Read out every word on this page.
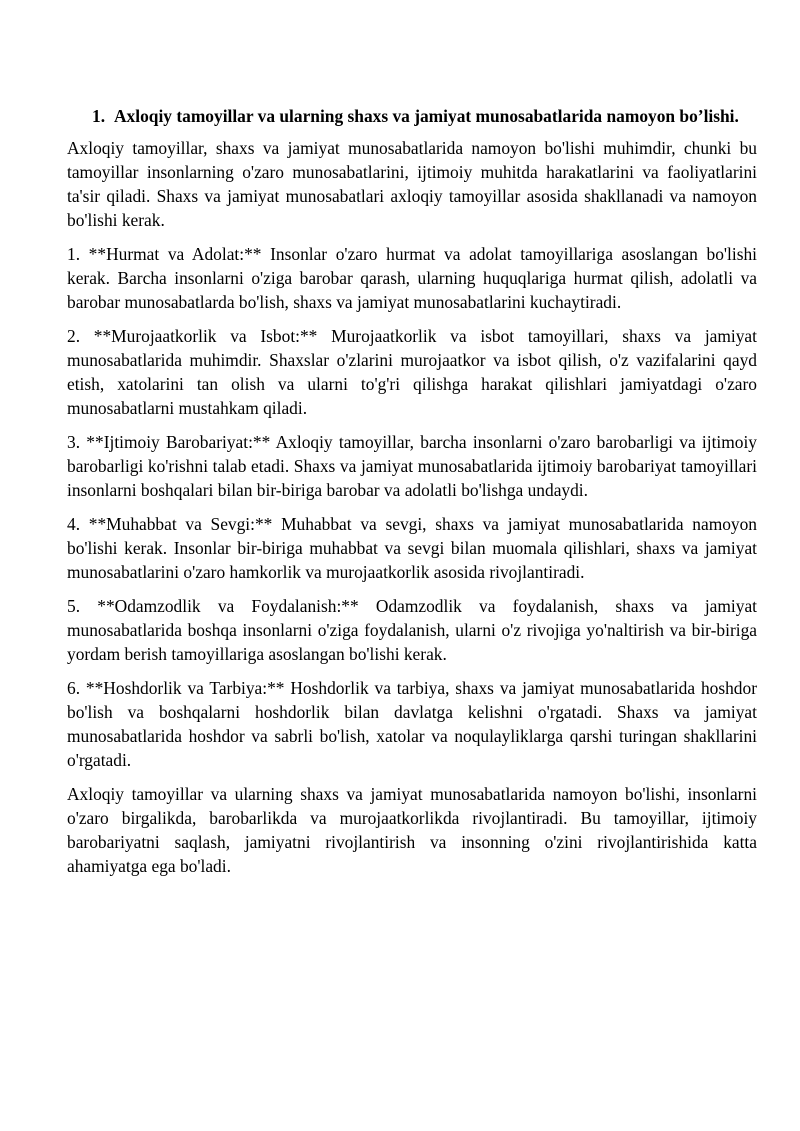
1. Axloqiy tamoyillar va ularning shaxs va jamiyat munosabatlarida namoyon bo’lishi.

Axloqiy tamoyillar, shaxs va jamiyat munosabatlarida namoyon bo'lishi muhimdir, chunki bu tamoyillar insonlarning o'zaro munosabatlarini, ijtimoiy muhitda harakatlarini va faoliyatlarini ta'sir qiladi. Shaxs va jamiyat munosabatlari axloqiy tamoyillar asosida shakllanadi va namoyon bo'lishi kerak.

1. **Hurmat va Adolat:** Insonlar o'zaro hurmat va adolat tamoyillariga asoslangan bo'lishi kerak. Barcha insonlarni o'ziga barobar qarash, ularning huquqlariga hurmat qilish, adolatli va barobar munosabatlarda bo'lish, shaxs va jamiyat munosabatlarini kuchaytiradi.

2. **Murojaatkorlik va Isbot:** Murojaatkorlik va isbot tamoyillari, shaxs va jamiyat munosabatlarida muhimdir. Shaxslar o'zlarini murojaatkor va isbot qilish, o'z vazifalarini qayd etish, xatolarini tan olish va ularni to'g'ri qilishga harakat qilishlari jamiyatdagi o'zaro munosabatlarni mustahkam qiladi.

3. **Ijtimoiy Barobariyat:** Axloqiy tamoyillar, barcha insonlarni o'zaro barobarligi va ijtimoiy barobarligi ko'rishni talab etadi. Shaxs va jamiyat munosabatlarida ijtimoiy barobariyat tamoyillari insonlarni boshqalari bilan bir-biriga barobar va adolatli bo'lishga undaydi.

4. **Muhabbat va Sevgi:** Muhabbat va sevgi, shaxs va jamiyat munosabatlarida namoyon bo'lishi kerak. Insonlar bir-biriga muhabbat va sevgi bilan muomala qilishlari, shaxs va jamiyat munosabatlarini o'zaro hamkorlik va murojaatkorlik asosida rivojlantiradi.

5. **Odamzodlik va Foydalanish:** Odamzodlik va foydalanish, shaxs va jamiyat munosabatlarida boshqa insonlarni o'ziga foydalanish, ularni o'z rivojiga yo'naltirish va bir-biriga yordam berish tamoyillariga asoslangan bo'lishi kerak.

6. **Hoshdorlik va Tarbiya:** Hoshdorlik va tarbiya, shaxs va jamiyat munosabatlarida hoshdor bo'lish va boshqalarni hoshdorlik bilan davlatga kelishni o'rgatadi. Shaxs va jamiyat munosabatlarida hoshdor va sabrli bo'lish, xatolar va noqulayliklarga qarshi turingan shakllarini o'rgatadi.

Axloqiy tamoyillar va ularning shaxs va jamiyat munosabatlarida namoyon bo'lishi, insonlarni o'zaro birgalikda, barobarlikda va murojaatkorlikda rivojlantiradi. Bu tamoyillar, ijtimoiy barobariyatni saqlash, jamiyatni rivojlantirish va insonning o'zini rivojlantirishida katta ahamiyatga ega bo'ladi.
